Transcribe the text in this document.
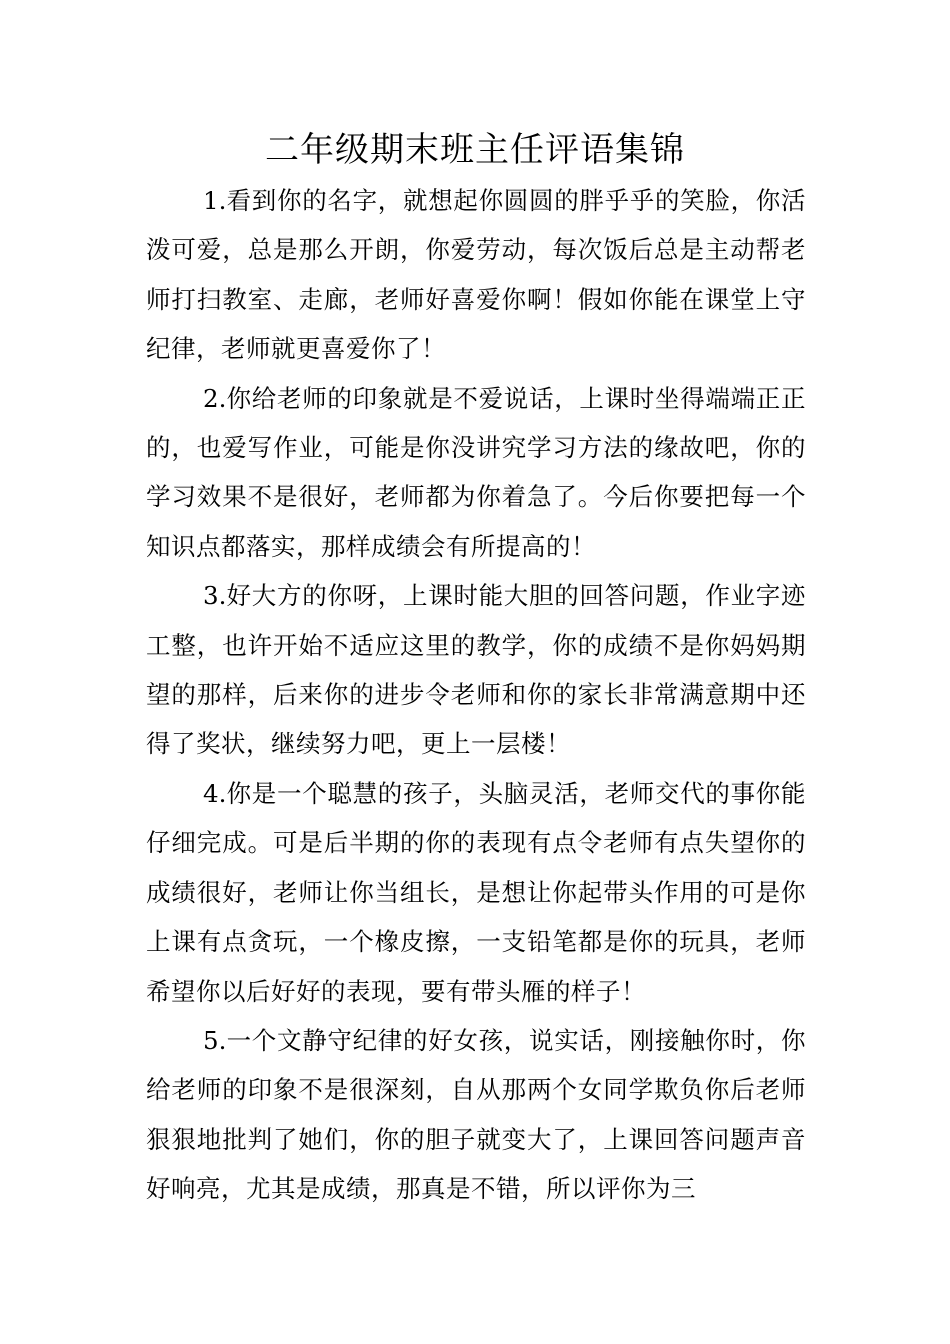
二年级期末班主任评语集锦

1.看到你的名字，就想起你圆圆的胖乎乎的笑脸，你活泼可爱，总是那么开朗，你爱劳动，每次饭后总是主动帮老师打扫教室、走廊，老师好喜爱你啊！假如你能在课堂上守纪律，老师就更喜爱你了！

2.你给老师的印象就是不爱说话，上课时坐得端端正正的，也爱写作业，可能是你没讲究学习方法的缘故吧，你的学习效果不是很好，老师都为你着急了。今后你要把每一个知识点都落实，那样成绩会有所提高的！

3.好大方的你呀，上课时能大胆的回答问题，作业字迹工整，也许开始不适应这里的教学，你的成绩不是你妈妈期望的那样，后来你的进步令老师和你的家长非常满意期中还得了奖状，继续努力吧，更上一层楼！

4.你是一个聪慧的孩子，头脑灵活，老师交代的事你能仔细完成。可是后半期的你的表现有点令老师有点失望你的成绩很好，老师让你当组长，是想让你起带头作用的可是你上课有点贪玩，一个橡皮擦，一支铅笔都是你的玩具，老师希望你以后好好的表现，要有带头雁的样子！

5.一个文静守纪律的好女孩，说实话，刚接触你时，你给老师的印象不是很深刻，自从那两个女同学欺负你后老师狠狠地批判了她们，你的胆子就变大了，上课回答问题声音好响亮，尤其是成绩，那真是不错，所以评你为三
